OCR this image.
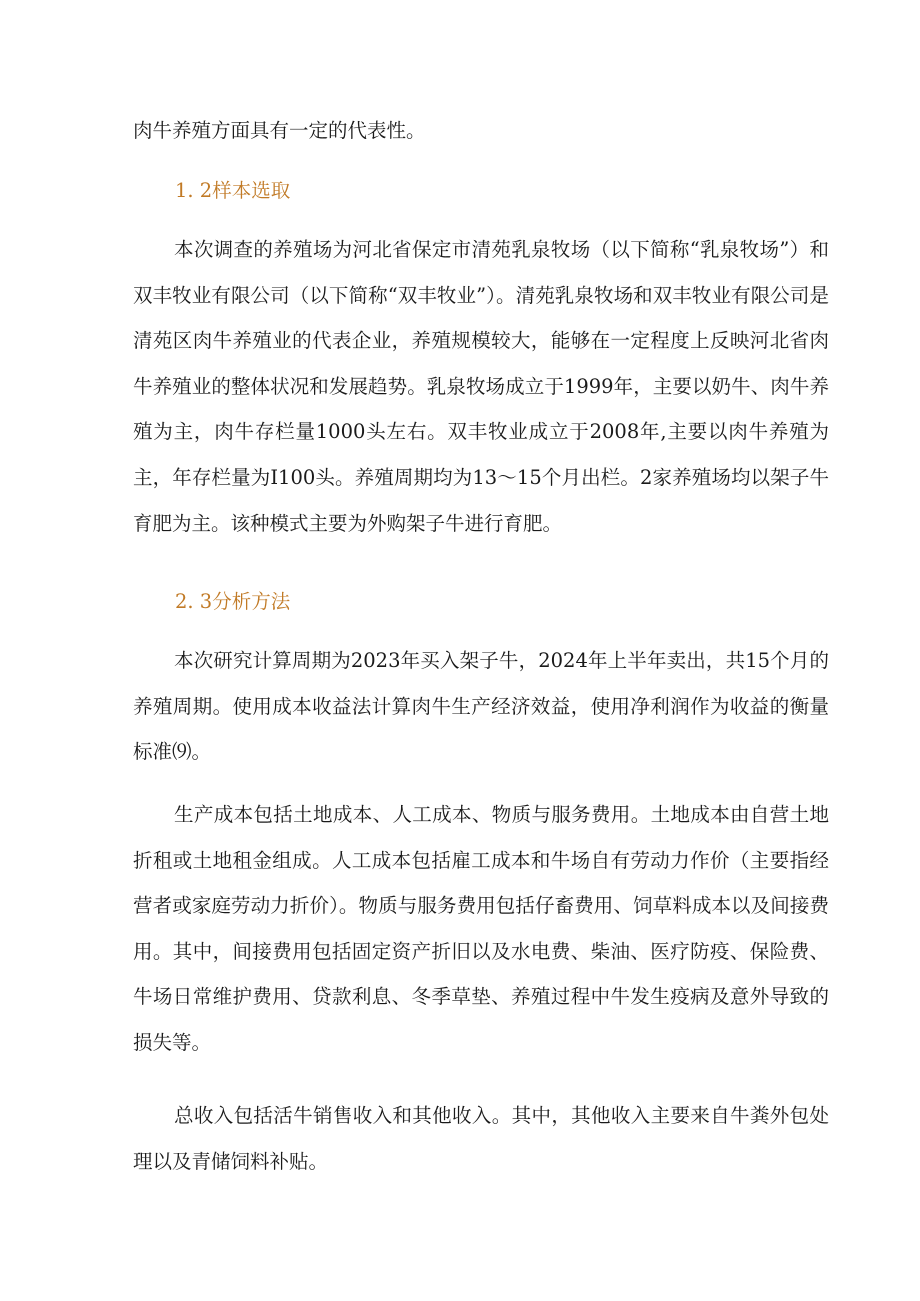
肉牛养殖方面具有一定的代表性。

1. 2样本选取

本次调查的养殖场为河北省保定市清苑乳泉牧场（以下简称“乳泉牧场”）和双丰牧业有限公司（以下简称“双丰牧业”）。清苑乳泉牧场和双丰牧业有限公司是清苑区肉牛养殖业的代表企业，养殖规模较大，能够在一定程度上反映河北省肉牛养殖业的整体状况和发展趋势。乳泉牧场成立于1999年，主要以奶牛、肉牛养殖为主，肉牛存栏量1000头左右。双丰牧业成立于2008年,主要以肉牛养殖为主，年存栏量为I100头。养殖周期均为13～15个月出栏。2家养殖场均以架子牛育肥为主。该种模式主要为外购架子牛进行育肥。

2. 3分析方法

本次研究计算周期为2023年买入架子牛，2024年上半年卖出，共15个月的养殖周期。使用成本收益法计算肉牛生产经济效益，使用净利润作为收益的衡量标准⑼。

生产成本包括土地成本、人工成本、物质与服务费用。土地成本由自营土地折租或土地租金组成。人工成本包括雇工成本和牛场自有劳动力作价（主要指经营者或家庭劳动力折价）。物质与服务费用包括仔畜费用、饲草料成本以及间接费用。其中，间接费用包括固定资产折旧以及水电费、柴油、医疗防疫、保险费、牛场日常维护费用、贷款利息、冬季草垫、养殖过程中牛发生疫病及意外导致的损失等。

总收入包括活牛销售收入和其他收入。其中，其他收入主要来自牛粪外包处理以及青储饲料补贴。
